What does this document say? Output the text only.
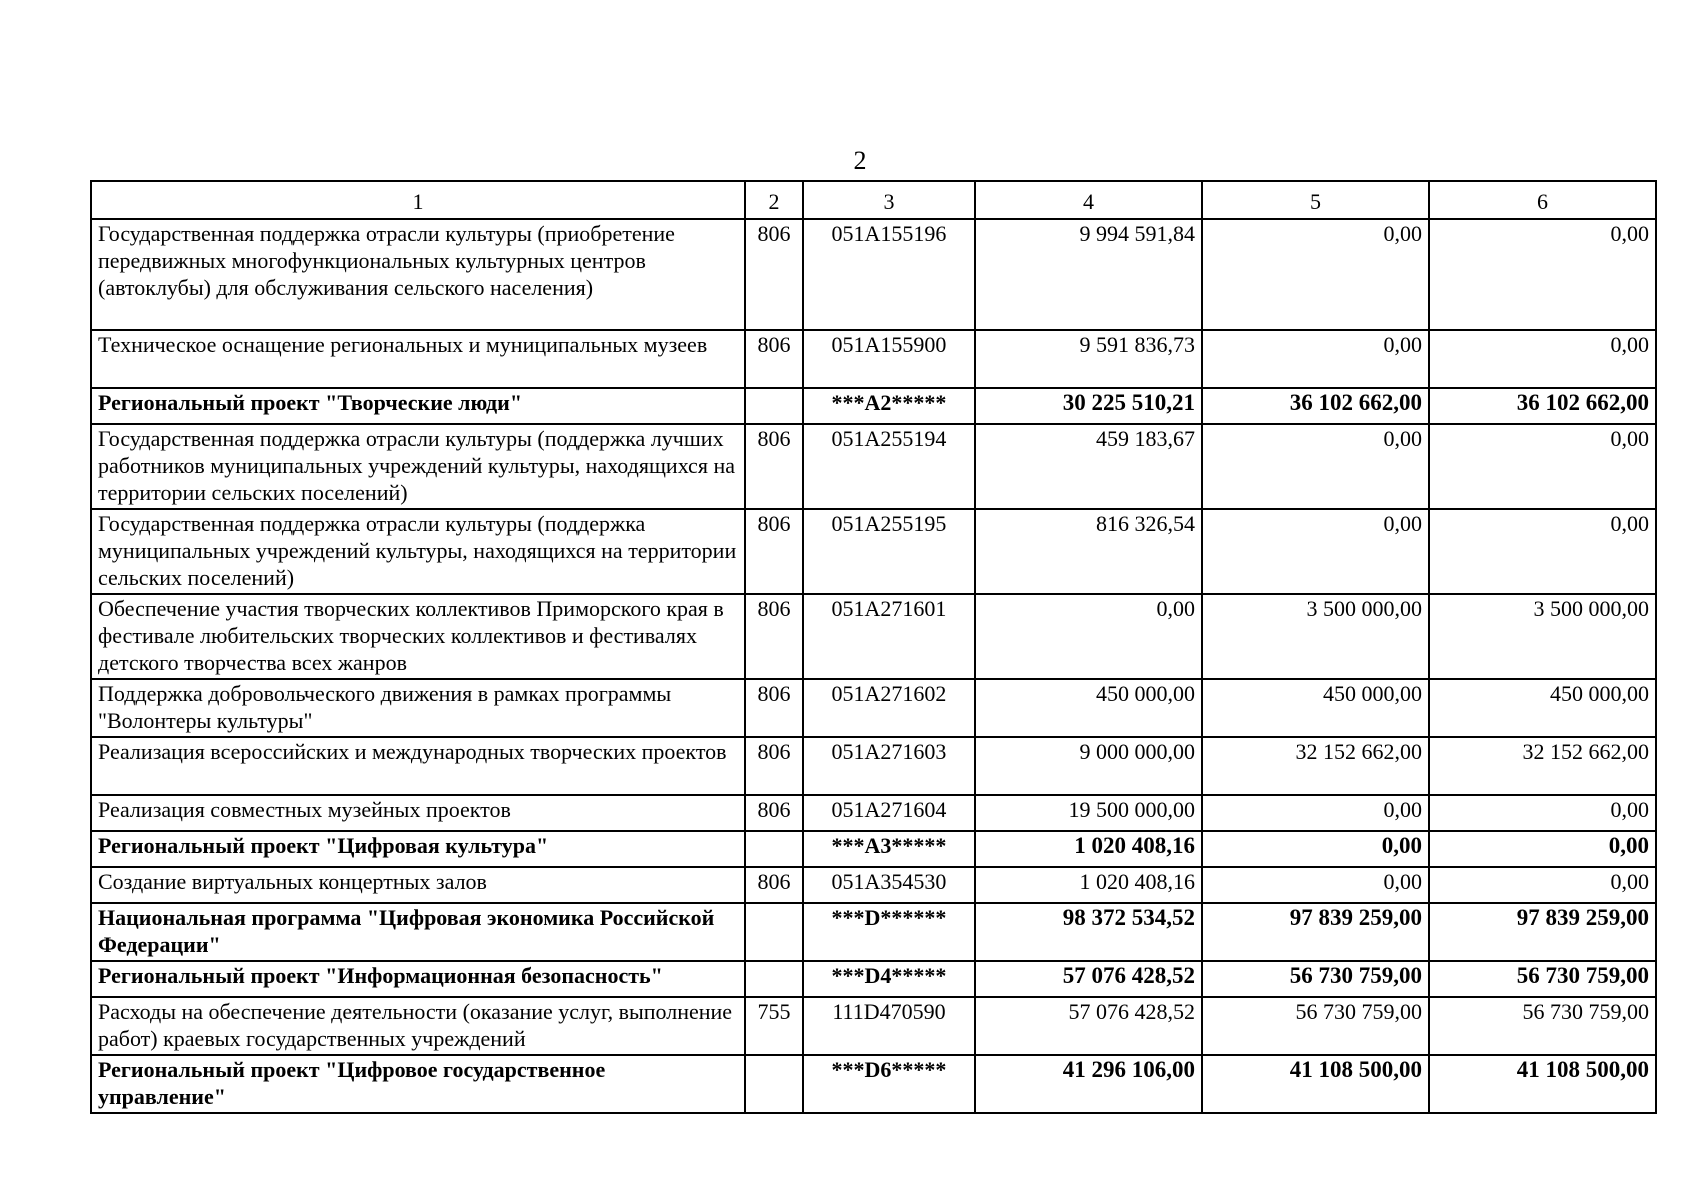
2
1	2	3	4	5	6
Государственная поддержка отрасли культуры (приобретение передвижных многофункциональных культурных центров (автоклубы) для обслуживания сельского населения)	806	051A155196	9 994 591,84	0,00	0,00
Техническое оснащение региональных и муниципальных музеев	806	051A155900	9 591 836,73	0,00	0,00
Региональный проект "Творческие люди"		***А2*****	30 225 510,21	36 102 662,00	36 102 662,00
Государственная поддержка отрасли культуры (поддержка лучших работников муниципальных учреждений культуры, находящихся на территории сельских поселений)	806	051A255194	459 183,67	0,00	0,00
Государственная поддержка отрасли культуры (поддержка муниципальных учреждений культуры, находящихся на территории сельских поселений)	806	051A255195	816 326,54	0,00	0,00
Обеспечение участия творческих коллективов Приморского края в фестивале любительских творческих коллективов и фестивалях детского творчества всех жанров	806	051A271601	0,00	3 500 000,00	3 500 000,00
Поддержка добровольческого движения в рамках программы "Волонтеры культуры"	806	051A271602	450 000,00	450 000,00	450 000,00
Реализация всероссийских и международных творческих проектов	806	051A271603	9 000 000,00	32 152 662,00	32 152 662,00
Реализация совместных музейных проектов	806	051A271604	19 500 000,00	0,00	0,00
Региональный проект "Цифровая культура"		***А3*****	1 020 408,16	0,00	0,00
Создание виртуальных концертных залов	806	051A354530	1 020 408,16	0,00	0,00
Национальная программа "Цифровая экономика Российской Федерации"		***D******	98 372 534,52	97 839 259,00	97 839 259,00
Региональный проект "Информационная безопасность"		***D4*****	57 076 428,52	56 730 759,00	56 730 759,00
Расходы на обеспечение деятельности (оказание услуг, выполнение работ) краевых государственных учреждений	755	111D470590	57 076 428,52	56 730 759,00	56 730 759,00
Региональный проект "Цифровое государственное управление"		***D6*****	41 296 106,00	41 108 500,00	41 108 500,00
